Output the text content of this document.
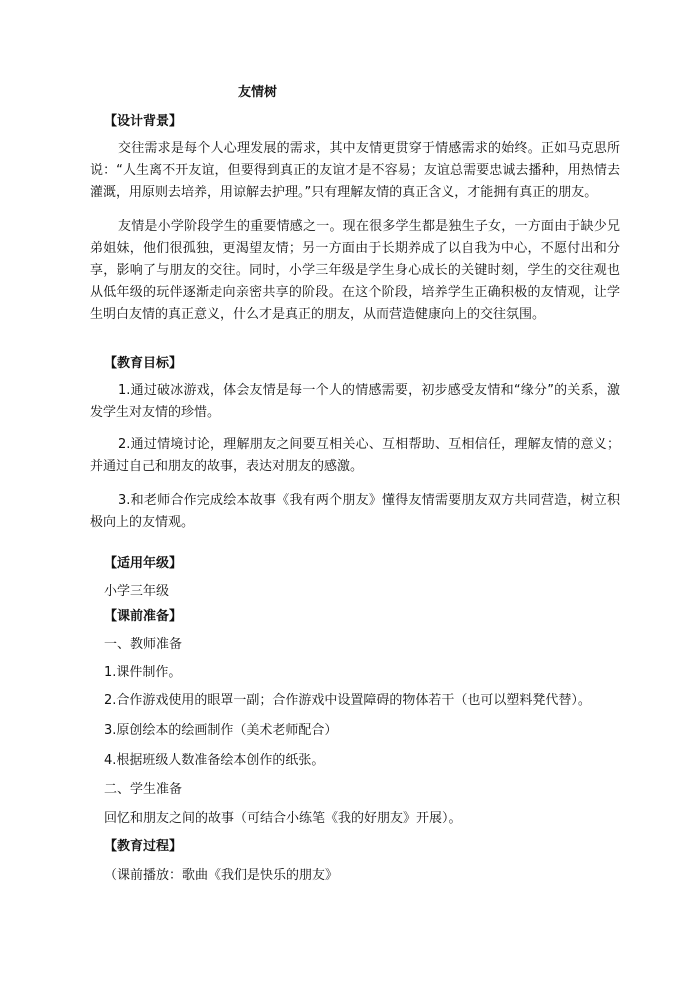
友情树
【设计背景】
交往需求是每个人心理发展的需求，其中友情更贯穿于情感需求的始终。正如马克思所说：“人生离不开友谊，但要得到真正的友谊才是不容易；友谊总需要忠诚去播种，用热情去灌溉，用原则去培养，用谅解去护理。”只有理解友情的真正含义，才能拥有真正的朋友。
友情是小学阶段学生的重要情感之一。现在很多学生都是独生子女，一方面由于缺少兄弟姐妹，他们很孤独，更渴望友情；另一方面由于长期养成了以自我为中心，不愿付出和分享，影响了与朋友的交往。同时，小学三年级是学生身心成长的关键时刻，学生的交往观也从低年级的玩伴逐渐走向亲密共享的阶段。在这个阶段，培养学生正确积极的友情观，让学生明白友情的真正意义，什么才是真正的朋友，从而营造健康向上的交往氛围。
【教育目标】
1.通过破冰游戏，体会友情是每一个人的情感需要，初步感受友情和“缘分”的关系，激发学生对友情的珍惜。
2.通过情境讨论，理解朋友之间要互相关心、互相帮助、互相信任，理解友情的意义；并通过自己和朋友的故事，表达对朋友的感激。
3.和老师合作完成绘本故事《我有两个朋友》懂得友情需要朋友双方共同营造，树立积极向上的友情观。
【适用年级】
小学三年级
【课前准备】
一、教师准备
1.课件制作。
2.合作游戏使用的眼罩一副；合作游戏中设置障碍的物体若干（也可以塑料凳代替）。
3.原创绘本的绘画制作（美术老师配合）
4.根据班级人数准备绘本创作的纸张。
二、学生准备
回忆和朋友之间的故事（可结合小练笔《我的好朋友》开展）。
【教育过程】
（课前播放：歌曲《我们是快乐的朋友》
